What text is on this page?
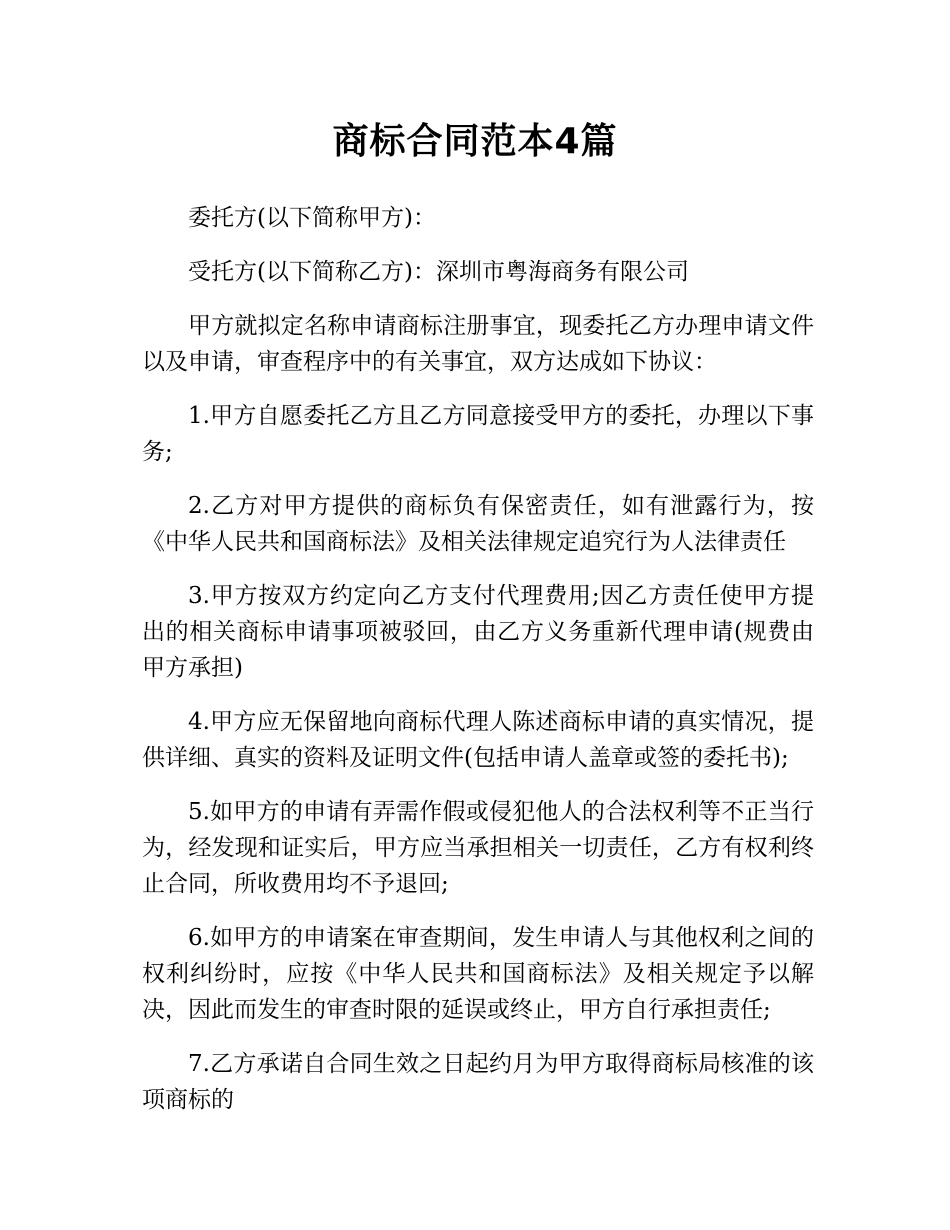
商标合同范本4篇

委托方(以下简称甲方)：

受托方(以下简称乙方)：深圳市粤海商务有限公司

甲方就拟定名称申请商标注册事宜，现委托乙方办理申请文件以及申请，审查程序中的有关事宜，双方达成如下协议：

1.甲方自愿委托乙方且乙方同意接受甲方的委托，办理以下事务;

2.乙方对甲方提供的商标负有保密责任，如有泄露行为，按《中华人民共和国商标法》及相关法律规定追究行为人法律责任

3.甲方按双方约定向乙方支付代理费用;因乙方责任使甲方提出的相关商标申请事项被驳回，由乙方义务重新代理申请(规费由甲方承担)

4.甲方应无保留地向商标代理人陈述商标申请的真实情况，提供详细、真实的资料及证明文件(包括申请人盖章或签的委托书);

5.如甲方的申请有弄需作假或侵犯他人的合法权利等不正当行为，经发现和证实后，甲方应当承担相关一切责任，乙方有权利终止合同，所收费用均不予退回;

6.如甲方的申请案在审查期间，发生申请人与其他权利之间的权利纠纷时，应按《中华人民共和国商标法》及相关规定予以解决，因此而发生的审查时限的延误或终止，甲方自行承担责任;

7.乙方承诺自合同生效之日起约月为甲方取得商标局核准的该项商标的
